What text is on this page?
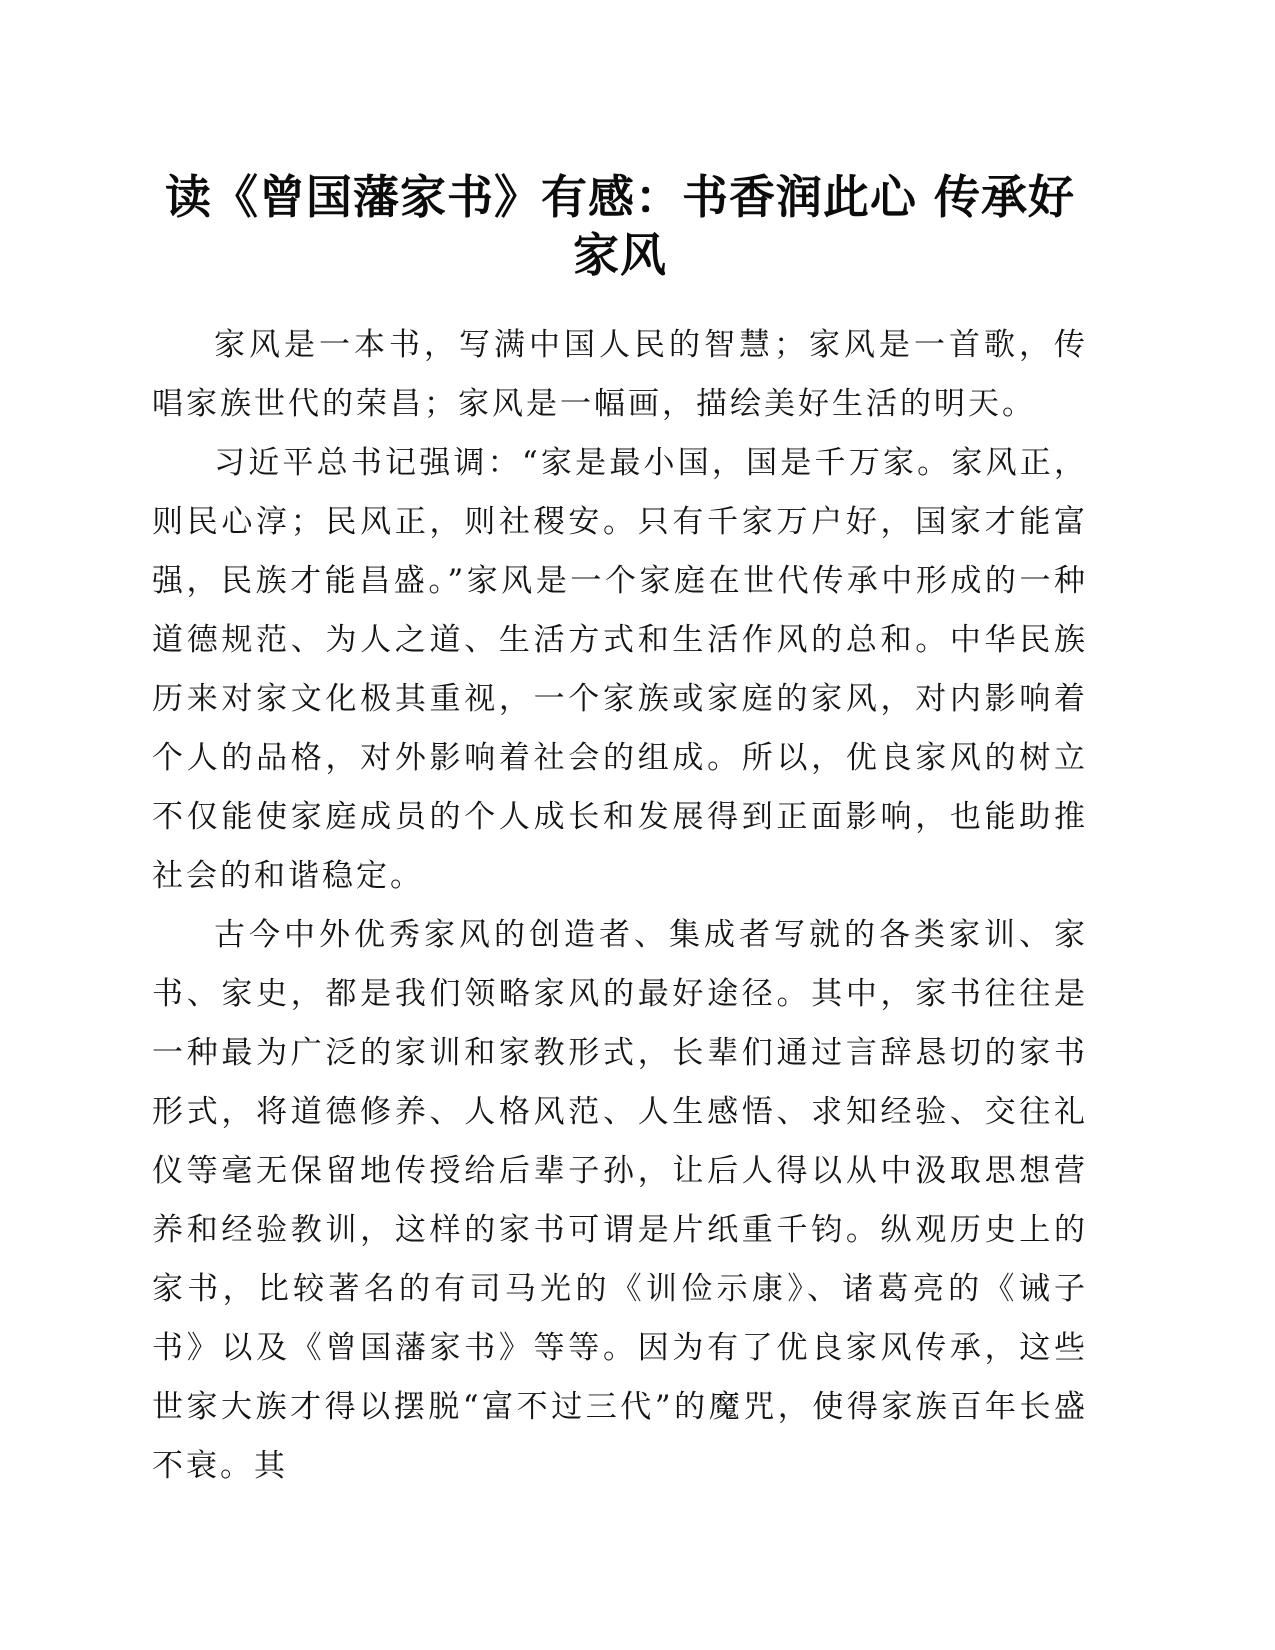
读《曾国藩家书》有感：书香润此心 传承好家风

家风是一本书，写满中国人民的智慧；家风是一首歌，传唱家族世代的荣昌；家风是一幅画，描绘美好生活的明天。

习近平总书记强调：“家是最小国，国是千万家。家风正，则民心淳；民风正，则社稷安。只有千家万户好，国家才能富强，民族才能昌盛。”家风是一个家庭在世代传承中形成的一种道德规范、为人之道、生活方式和生活作风的总和。中华民族历来对家文化极其重视，一个家族或家庭的家风，对内影响着个人的品格，对外影响着社会的组成。所以，优良家风的树立不仅能使家庭成员的个人成长和发展得到正面影响，也能助推社会的和谐稳定。

古今中外优秀家风的创造者、集成者写就的各类家训、家书、家史，都是我们领略家风的最好途径。其中，家书往往是一种最为广泛的家训和家教形式，长辈们通过言辞恳切的家书形式，将道德修养、人格风范、人生感悟、求知经验、交往礼仪等毫无保留地传授给后辈子孙，让后人得以从中汲取思想营养和经验教训，这样的家书可谓是片纸重千钧。纵观历史上的家书，比较著名的有司马光的《训俭示康》、诸葛亮的《诫子书》以及《曾国藩家书》等等。因为有了优良家风传承，这些世家大族才得以摆脱“富不过三代”的魔咒，使得家族百年长盛不衰。其
